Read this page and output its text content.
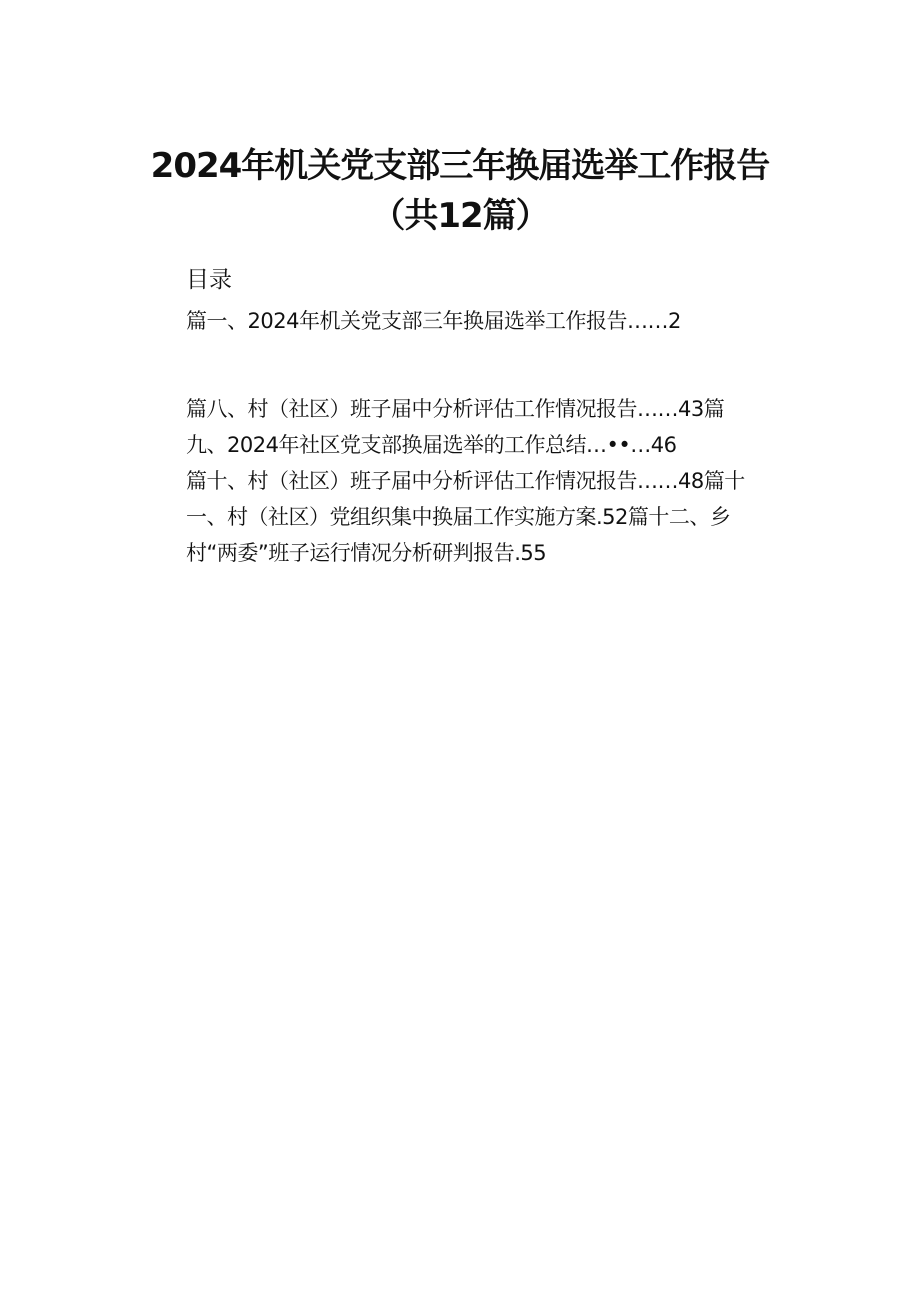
2024年机关党支部三年换届选举工作报告
（共12篇）
目录
篇一、2024年机关党支部三年换届选举工作报告……2
篇八、村（社区）班子届中分析评估工作情况报告……43篇
九、2024年社区党支部换届选举的工作总结…••…46
篇十、村（社区）班子届中分析评估工作情况报告……48篇十
一、村（社区）党组织集中换届工作实施方案.52篇十二、乡
村“两委”班子运行情况分析研判报告.55
